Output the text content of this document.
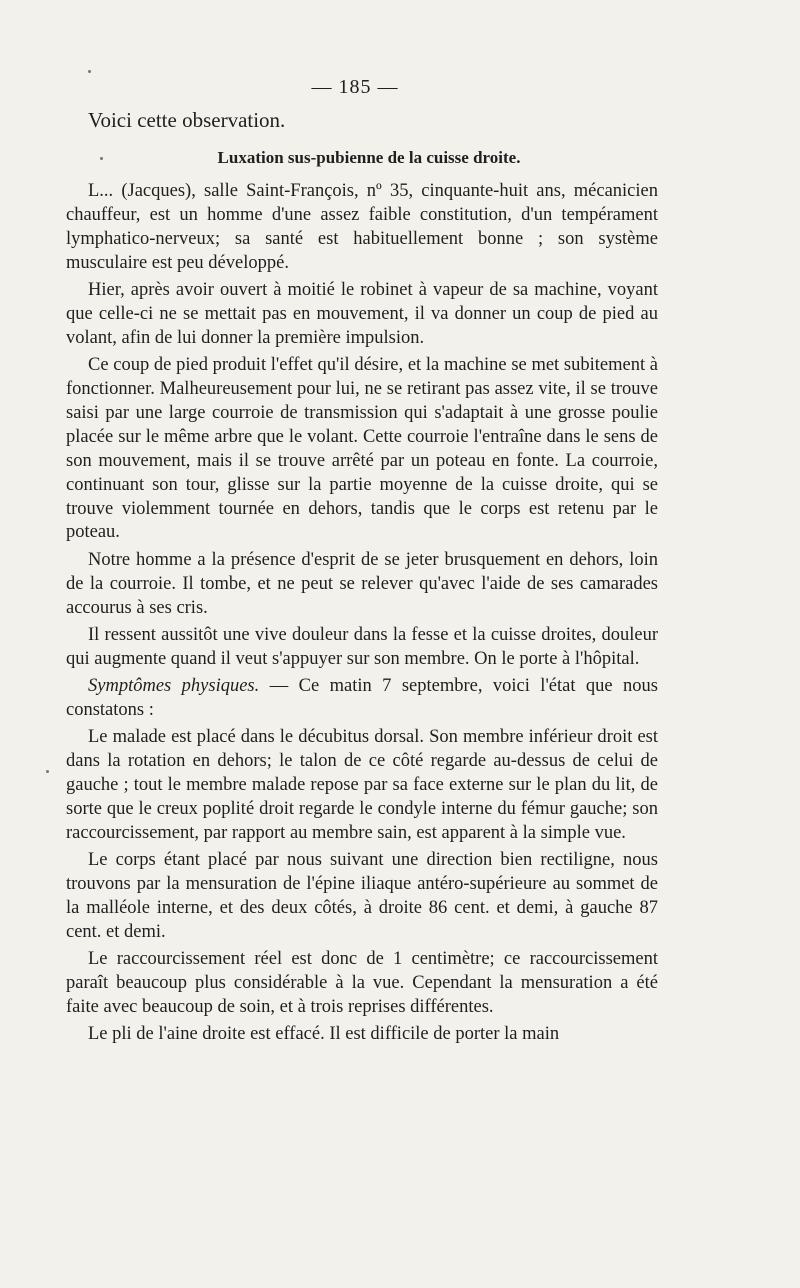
— 185 —
Voici cette observation.
Luxation sus-pubienne de la cuisse droite.

L... (Jacques), salle Saint-François, nº 35, cinquante-huit ans, mécanicien chauffeur, est un homme d'une assez faible constitution, d'un tempérament lymphatico-nerveux; sa santé est habituellement bonne ; son système musculaire est peu développé.

Hier, après avoir ouvert à moitié le robinet à vapeur de sa machine, voyant que celle-ci ne se mettait pas en mouvement, il va donner un coup de pied au volant, afin de lui donner la première impulsion.

Ce coup de pied produit l'effet qu'il désire, et la machine se met subitement à fonctionner. Malheureusement pour lui, ne se retirant pas assez vite, il se trouve saisi par une large courroie de transmission qui s'adaptait à une grosse poulie placée sur le même arbre que le volant. Cette courroie l'entraîne dans le sens de son mouvement, mais il se trouve arrêté par un poteau en fonte. La courroie, continuant son tour, glisse sur la partie moyenne de la cuisse droite, qui se trouve violemment tournée en dehors, tandis que le corps est retenu par le poteau.

Notre homme a la présence d'esprit de se jeter brusquement en dehors, loin de la courroie. Il tombe, et ne peut se relever qu'avec l'aide de ses camarades accourus à ses cris.

Il ressent aussitôt une vive douleur dans la fesse et la cuisse droites, douleur qui augmente quand il veut s'appuyer sur son membre. On le porte à l'hôpital.

Symptômes physiques. — Ce matin 7 septembre, voici l'état que nous constatons :

Le malade est placé dans le décubitus dorsal. Son membre inférieur droit est dans la rotation en dehors; le talon de ce côté regarde au-dessus de celui de gauche ; tout le membre malade repose par sa face externe sur le plan du lit, de sorte que le creux poplité droit regarde le condyle interne du fémur gauche; son raccourcissement, par rapport au membre sain, est apparent à la simple vue.

Le corps étant placé par nous suivant une direction bien rectiligne, nous trouvons par la mensuration de l'épine iliaque antéro-supérieure au sommet de la malléole interne, et des deux côtés, à droite 86 cent. et demi, à gauche 87 cent. et demi.

Le raccourcissement réel est donc de 1 centimètre; ce raccourcissement paraît beaucoup plus considérable à la vue. Cependant la mensuration a été faite avec beaucoup de soin, et à trois reprises différentes.

Le pli de l'aine droite est effacé. Il est difficile de porter la main
